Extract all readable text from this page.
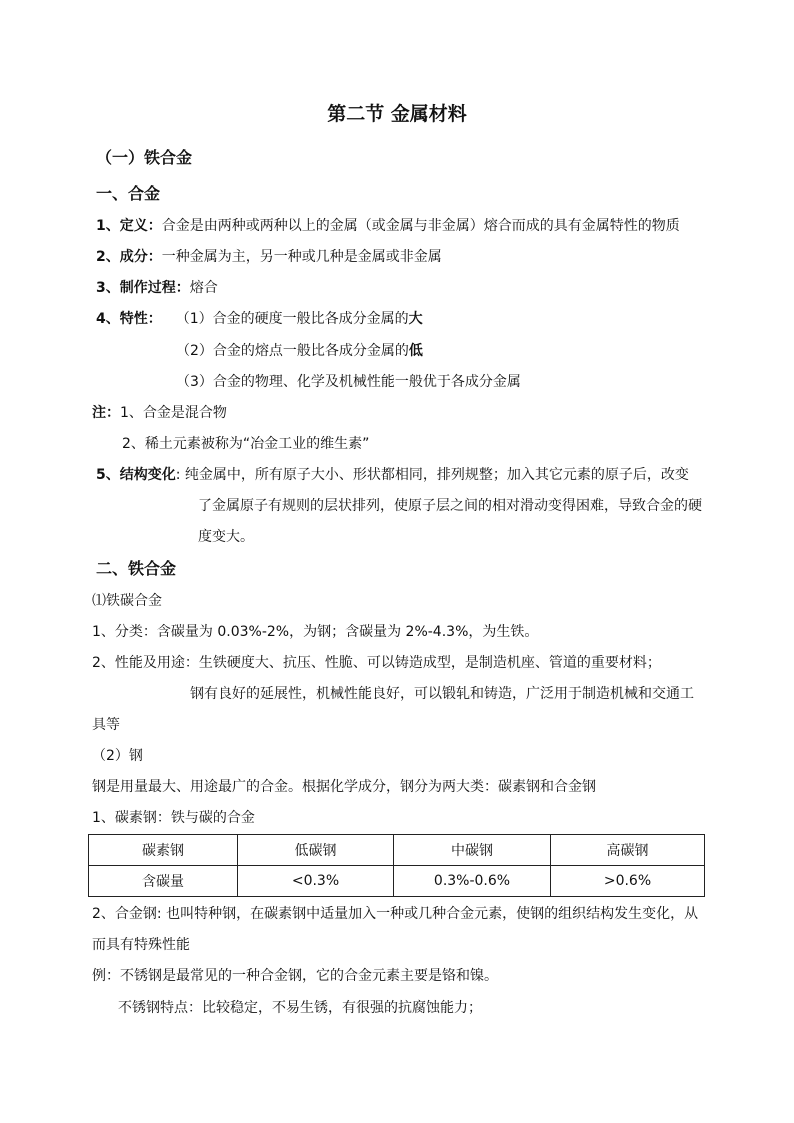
第二节 金属材料
（一）铁合金
一、合金
1、定义：合金是由两种或两种以上的金属（或金属与非金属）熔合而成的具有金属特性的物质
2、成分：一种金属为主，另一种或几种是金属或非金属
3、制作过程：熔合
4、特性： （1）合金的硬度一般比各成分金属的大
（2）合金的熔点一般比各成分金属的低
（3）合金的物理、化学及机械性能一般优于各成分金属
注：1、合金是混合物
2、稀土元素被称为“冶金工业的维生素”
5、结构变化: 纯金属中，所有原子大小、形状都相同，排列规整；加入其它元素的原子后，改变
了金属原子有规则的层状排列，使原子层之间的相对滑动变得困难，导致合金的硬
度变大。
二、铁合金
⑴铁碳合金
1、分类：含碳量为 0.03%-2%，为钢；含碳量为 2%-4.3%，为生铁。
2、性能及用途：生铁硬度大、抗压、性脆、可以铸造成型，是制造机座、管道的重要材料；
钢有良好的延展性，机械性能良好，可以锻轧和铸造，广泛用于制造机械和交通工
具等
（2）钢
钢是用量最大、用途最广的合金。根据化学成分，钢分为两大类：碳素钢和合金钢
1、碳素钢：铁与碳的合金
碳素钢	低碳钢	中碳钢	高碳钢
含碳量	<0.3%	0.3%-0.6%	>0.6%
2、合金钢: 也叫特种钢，在碳素钢中适量加入一种或几种合金元素，使钢的组织结构发生变化，从
而具有特殊性能
例：不锈钢是最常见的一种合金钢，它的合金元素主要是铬和镍。
不锈钢特点：比较稳定，不易生锈，有很强的抗腐蚀能力；
